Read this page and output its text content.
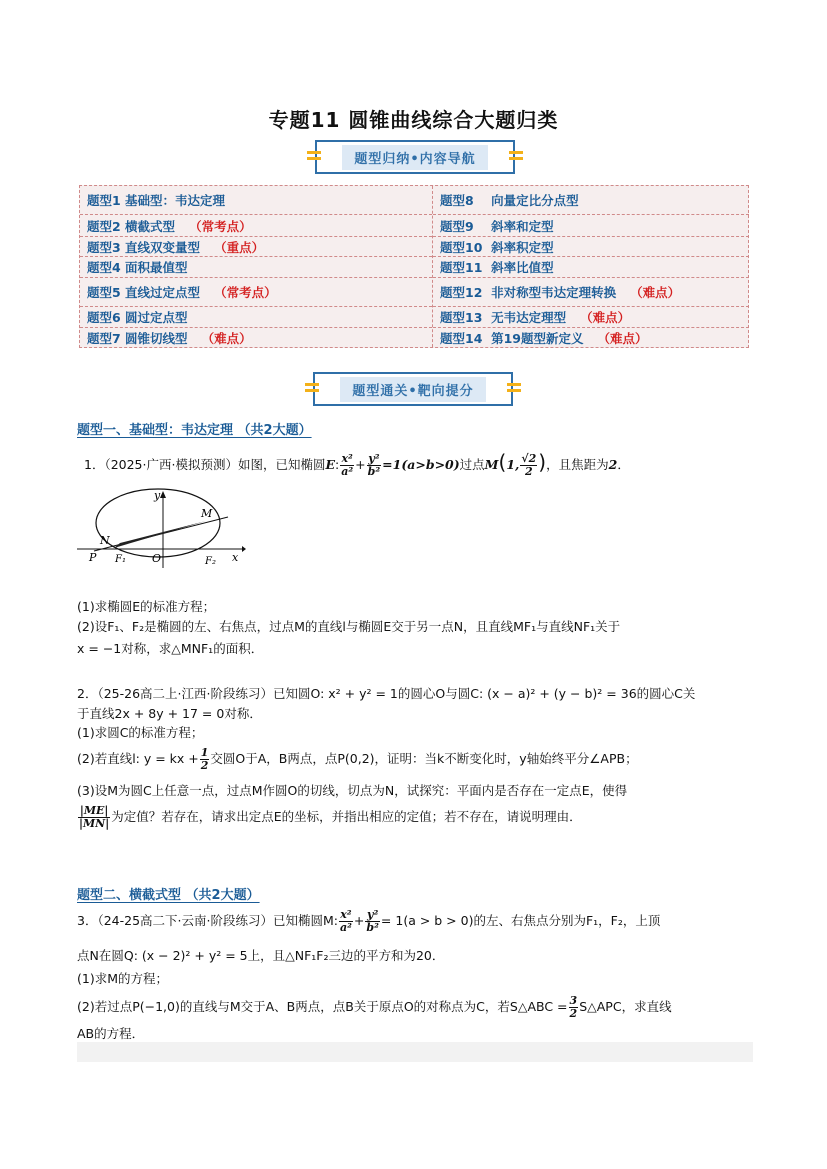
专题11 圆锥曲线综合大题归类
题型归纳•内容导航
题型1 基础型：韦达定理
题型2 横截式型 （常考点）
题型3 直线双变量型 （重点）
题型4 面积最值型
题型5 直线过定点型 （常考点）
题型6 圆过定点型
题型7 圆锥切线型 （难点）
题型8    向量定比分点型
题型9    斜率和定型
题型10  斜率积定型
题型11  斜率比值型
题型12  非对称型韦达定理转换 （难点）
题型13  无韦达定理型 （难点）
题型14  第19题型新定义 （难点）
题型通关•靶向提分
题型一、基础型：韦达定理 （共2大题）
1．（2025·广西·模拟预测）如图，已知椭圆E: $\frac{\text{x²}}{\text{a²}} + \frac{\text{y²}}{\text{b²}} =1(a>b>0)$过点M(1, $\frac{√2}{2}$ )，且焦距为2．
M
N
P F₁ O	F₂
y
x
(1)求椭圆E的标准方程；
(2)设F₁、F₂是椭圆的左、右焦点，过点M的直线l与椭圆E交于另一点N，且直线MF₁与直线NF₁关于
x = −1对称，求△MNF₁的面积．
2．（25-26高二上·江西·阶段练习）已知圆O: x² + y² = 1的圆心O与圆C: (x − a)² + (y − b)² = 36的圆心C关
于直线2x + 8y + 17 = 0对称．
(1)求圆C的标准方程；
(2)若直线l: y = kx + $\frac{1}{2}$ 交圆O于A，B两点，点P(0,2)，证明：当k不断变化时，y轴始终平分∠APB；
(3)设M为圆C上任意一点，过点M作圆O的切线，切点为N，试探究：平面内是否存在一定点E，使得
$\frac{|ME|}{|MN|}$ 为定值？若存在，请求出定点E的坐标，并指出相应的定值；若不存在，请说明理由．
题型二、横截式型 （共2大题）
3．（24-25高二下·云南·阶段练习）已知椭圆M: $\frac{\text{x²}}{\text{a²}} + \frac{\text{y²}}{\text{b²}} = 1(a > b > 0)$的左、右焦点分别为F₁，F₂，上顶
点N在圆Q: (x − 2)² + y² = 5上，且△NF₁F₂三边的平方和为20．
(1)求M的方程；
(2)若过点P(−1,0)的直线与M交于A、B两点，点B关于原点O的对称点为C，若S△ABC = $\frac{3}{2}$ S△APC，求直线
AB的方程．
